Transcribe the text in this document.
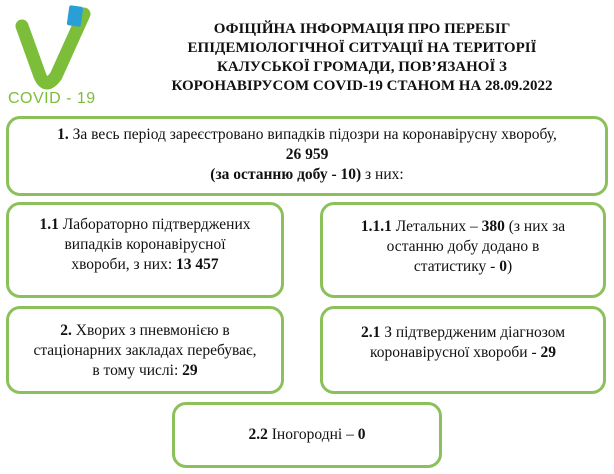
COVID - 19
ОФІЦІЙНА ІНФОРМАЦІЯ ПРО ПЕРЕБІГ
ЕПІДЕМІОЛОГІЧНОЇ СИТУАЦІЇ НА ТЕРИТОРІЇ
КАЛУСЬКОЇ ГРОМАДИ, ПОВ’ЯЗАНОЇ З
КОРОНАВІРУСОМ COVID-19 СТАНОМ НА 28.09.2022
1. За весь період зареєстровано випадків підозри на коронавірусну хворобу,
26 959
(за останню добу - 10) з них:
1.1 Лабораторно підтверджених
випадків коронавірусної
хвороби, з них: 13 457
1.1.1 Летальних – 380 (з них за
останню добу додано в
статистику - 0)
2. Хворих з пневмонією в
стаціонарних закладах перебуває,
в тому числі: 29
2.1 З підтвердженим діагнозом
коронавірусної хвороби - 29
2.2 Іногородні – 0
